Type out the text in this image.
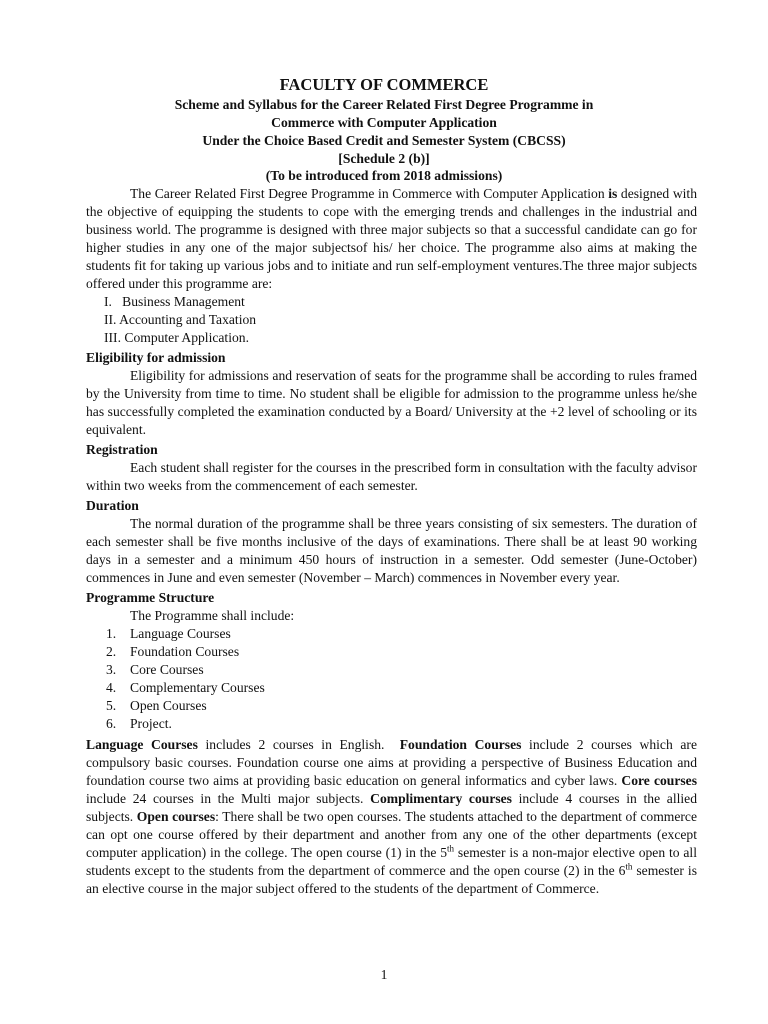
FACULTY OF COMMERCE
Scheme and Syllabus for the Career Related First Degree Programme in
Commerce with Computer Application
Under the Choice Based Credit and Semester System (CBCSS)
[Schedule 2 (b)]
(To be introduced from 2018 admissions)

The Career Related First Degree Programme in Commerce with Computer Application is designed with the objective of equipping the students to cope with the emerging trends and challenges in the industrial and business world. The programme is designed with three major subjects so that a successful candidate can go for higher studies in any one of the major subjectsof his/ her choice. The programme also aims at making the students fit for taking up various jobs and to initiate and run self-employment ventures.The three major subjects offered under this programme are:

I.   Business Management
II. Accounting and Taxation
III. Computer Application.
Eligibility for admission

Eligibility for admissions and reservation of seats for the programme shall be according to rules framed by the University from time to time. No student shall be eligible for admission to the programme unless he/she has successfully completed the examination conducted by a Board/ University at the +2 level of schooling or its equivalent.

Registration

Each student shall register for the courses in the prescribed form in consultation with the faculty advisor within two weeks from the commencement of each semester.

Duration

The normal duration of the programme shall be three years consisting of six semesters. The duration of each semester shall be five months inclusive of the days of examinations. There shall be at least 90 working days in a semester and a minimum 450 hours of instruction in a semester. Odd semester (June-October) commences in June and even semester (November – March) commences in November every year.

Programme Structure

The Programme shall include:

1.	Language Courses
2.	Foundation Courses
3.	Core Courses
4.	Complementary Courses
5.	Open Courses
6.	Project.

Language Courses includes 2 courses in English.  Foundation Courses include 2 courses which are compulsory basic courses. Foundation course one aims at providing a perspective of Business Education and foundation course two aims at providing basic education on general informatics and cyber laws. Core courses include 24 courses in the Multi major subjects. Complimentary courses include 4 courses in the allied subjects. Open courses: There shall be two open courses. The students attached to the department of commerce can opt one course offered by their department and another from any one of the other departments (except computer application) in the college. The open course (1) in the 5th semester is a non-major elective open to all students except to the students from the department of commerce and the open course (2) in the 6th semester is an elective course in the major subject offered to the students of the department of Commerce.

1
